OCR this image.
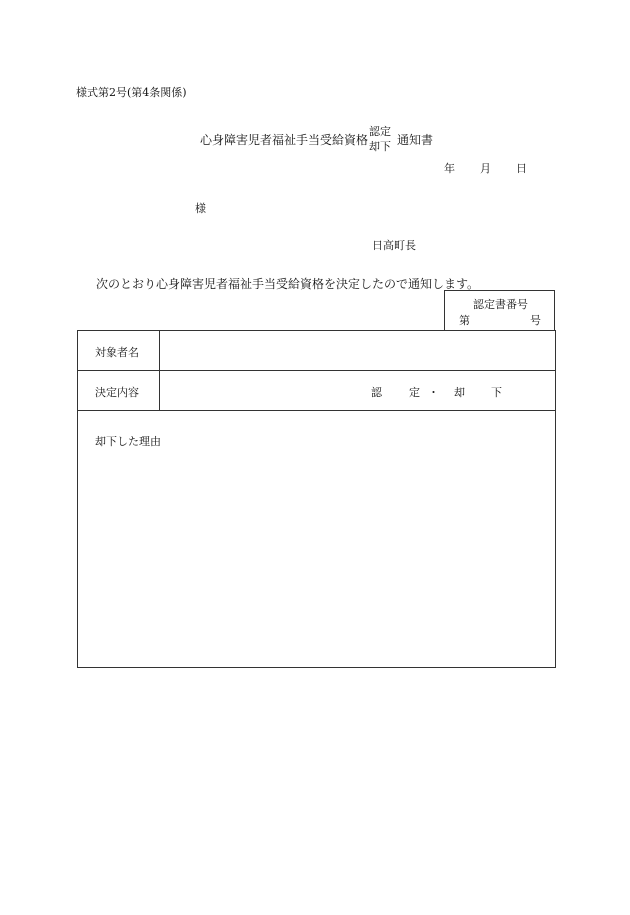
様式第2号(第4条関係)
心身障害児者福祉手当受給資格
認定
却下 通知書
年 月 日
様
日高町長
次のとおり心身障害児者福祉手当受給資格を決定したので通知します。
認定書番号
第	号
対象者名
決定内容	認 定 ・ 却 下
却下した理由
